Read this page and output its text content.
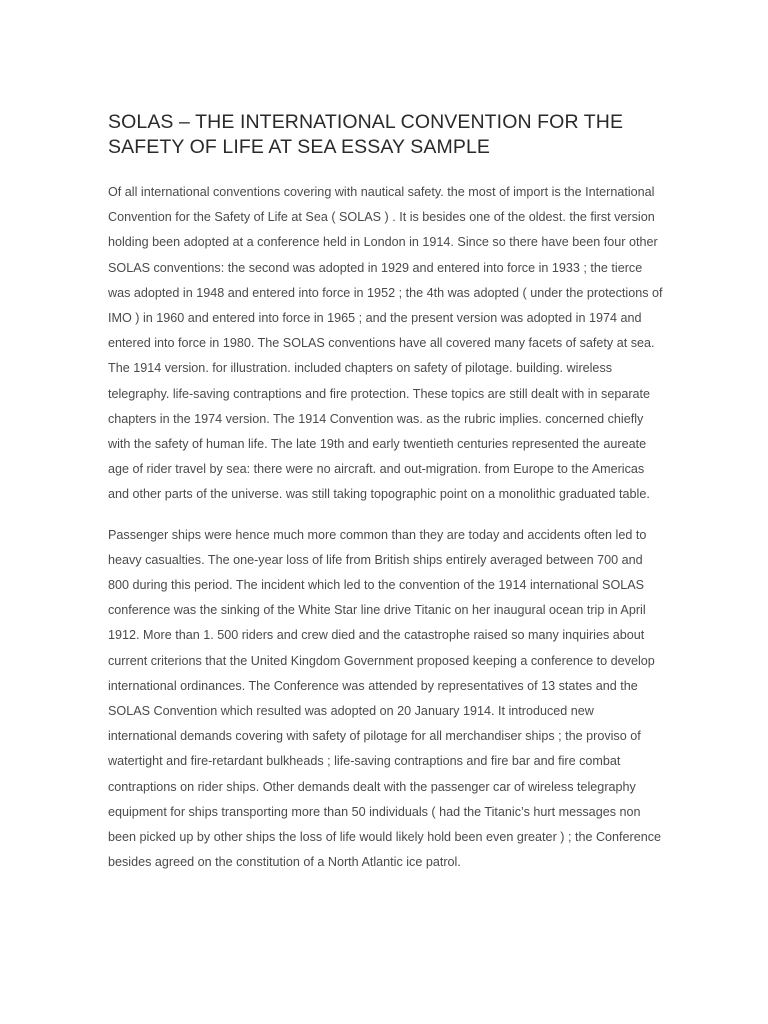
SOLAS – THE INTERNATIONAL CONVENTION FOR THE SAFETY OF LIFE AT SEA ESSAY SAMPLE

Of all international conventions covering with nautical safety. the most of import is the International Convention for the Safety of Life at Sea ( SOLAS ) . It is besides one of the oldest. the first version holding been adopted at a conference held in London in 1914. Since so there have been four other SOLAS conventions: the second was adopted in 1929 and entered into force in 1933 ; the tierce was adopted in 1948 and entered into force in 1952 ; the 4th was adopted ( under the protections of IMO ) in 1960 and entered into force in 1965 ; and the present version was adopted in 1974 and entered into force in 1980. The SOLAS conventions have all covered many facets of safety at sea. The 1914 version. for illustration. included chapters on safety of pilotage. building. wireless telegraphy. life-saving contraptions and fire protection. These topics are still dealt with in separate chapters in the 1974 version. The 1914 Convention was. as the rubric implies. concerned chiefly with the safety of human life. The late 19th and early twentieth centuries represented the aureate age of rider travel by sea: there were no aircraft. and out-migration. from Europe to the Americas and other parts of the universe. was still taking topographic point on a monolithic graduated table.

Passenger ships were hence much more common than they are today and accidents often led to heavy casualties. The one-year loss of life from British ships entirely averaged between 700 and 800 during this period. The incident which led to the convention of the 1914 international SOLAS conference was the sinking of the White Star line drive Titanic on her inaugural ocean trip in April 1912. More than 1. 500 riders and crew died and the catastrophe raised so many inquiries about current criterions that the United Kingdom Government proposed keeping a conference to develop international ordinances. The Conference was attended by representatives of 13 states and the SOLAS Convention which resulted was adopted on 20 January 1914. It introduced new international demands covering with safety of pilotage for all merchandiser ships ; the proviso of watertight and fire-retardant bulkheads ; life-saving contraptions and fire bar and fire combat contraptions on rider ships. Other demands dealt with the passenger car of wireless telegraphy equipment for ships transporting more than 50 individuals ( had the Titanic’s hurt messages non been picked up by other ships the loss of life would likely hold been even greater ) ; the Conference besides agreed on the constitution of a North Atlantic ice patrol.
